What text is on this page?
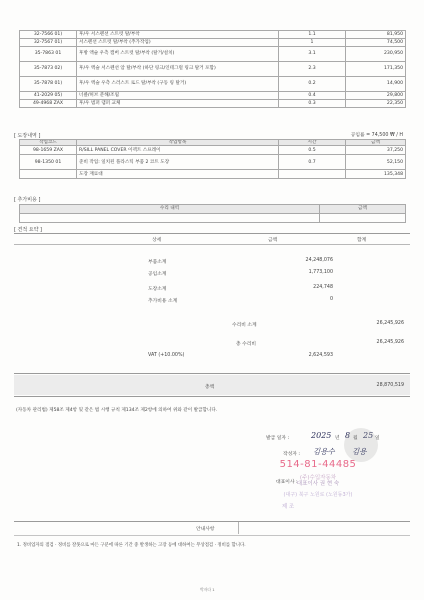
32-7566 01)	후/우 서스펜션 스트럿 탈/부착	1.1	81,950
32-7567 01)	서스펜션 스트럿 탈/부착 (추가작업)	1	74,500
35-7863 01	후방 액슬 우측 캠버 스트럿 탈/부착 (탈거/설치)	3.1	230,950
35-7873 02)	후/우 액슬 서스펜션 암 탈/부착 (하단 링크/인테그럴 링크 탈거 포함)	2.3	171,350
35-7878 01)	후/우 액슬 우측 스러스트 로드 탈/부착 (구동 링 탈거)	0.2	14,900
41-2029 05)	너클/허브 분해/조립	0.4	29,800
49-4968 ZAX	후/우 범퍼 댐퍼 교체	0.3	22,350
[ 도장내역 ]	공임률 = 74,500 ₩ / H
작업코드	작업항목	시간	금액
98-1659 ZAX	R/SILL PANEL COVER 이펙트 스프레이	0.5	37,250
98-1350 01	준비 작업: 일치된 플라스틱 부품 2 코트 도장	0.7	52,150
	도장 재료대		135,348
[ 추가비용 ]
수리 내역	금액

[ 견적 요약 ]
상세	금액	합계
부품소계	24,248,076
공임소계	1,773,100
도장소계	224,748
추가비용 소계	0
수리비 소계	26,245,926
총 수리비	26,245,926
VAT (+10.00%)	2,624,593
총액	28,870,519
(자동차 관리법) 제58조 제4항 및 같은 법 시행 규칙 제134조 제2항에 의하여 위와 같이 발급합니다.
발급 일자 :	2025 년 8 월 25 일
작성자 : 김용수 김용
대표이사 :
514-81-44485
(주)수입자동차
대표이사 권 현 숙
(대구) 북구 노원로 (노원동3가)
제 조
안내사항
1. 정비업자의 점검 · 정비를 잘못으로 마든 구분에 따른 기간 중 발생하는 고장 등에 대하여는 무상점검 · 정비를 합니다.
박자다 1
